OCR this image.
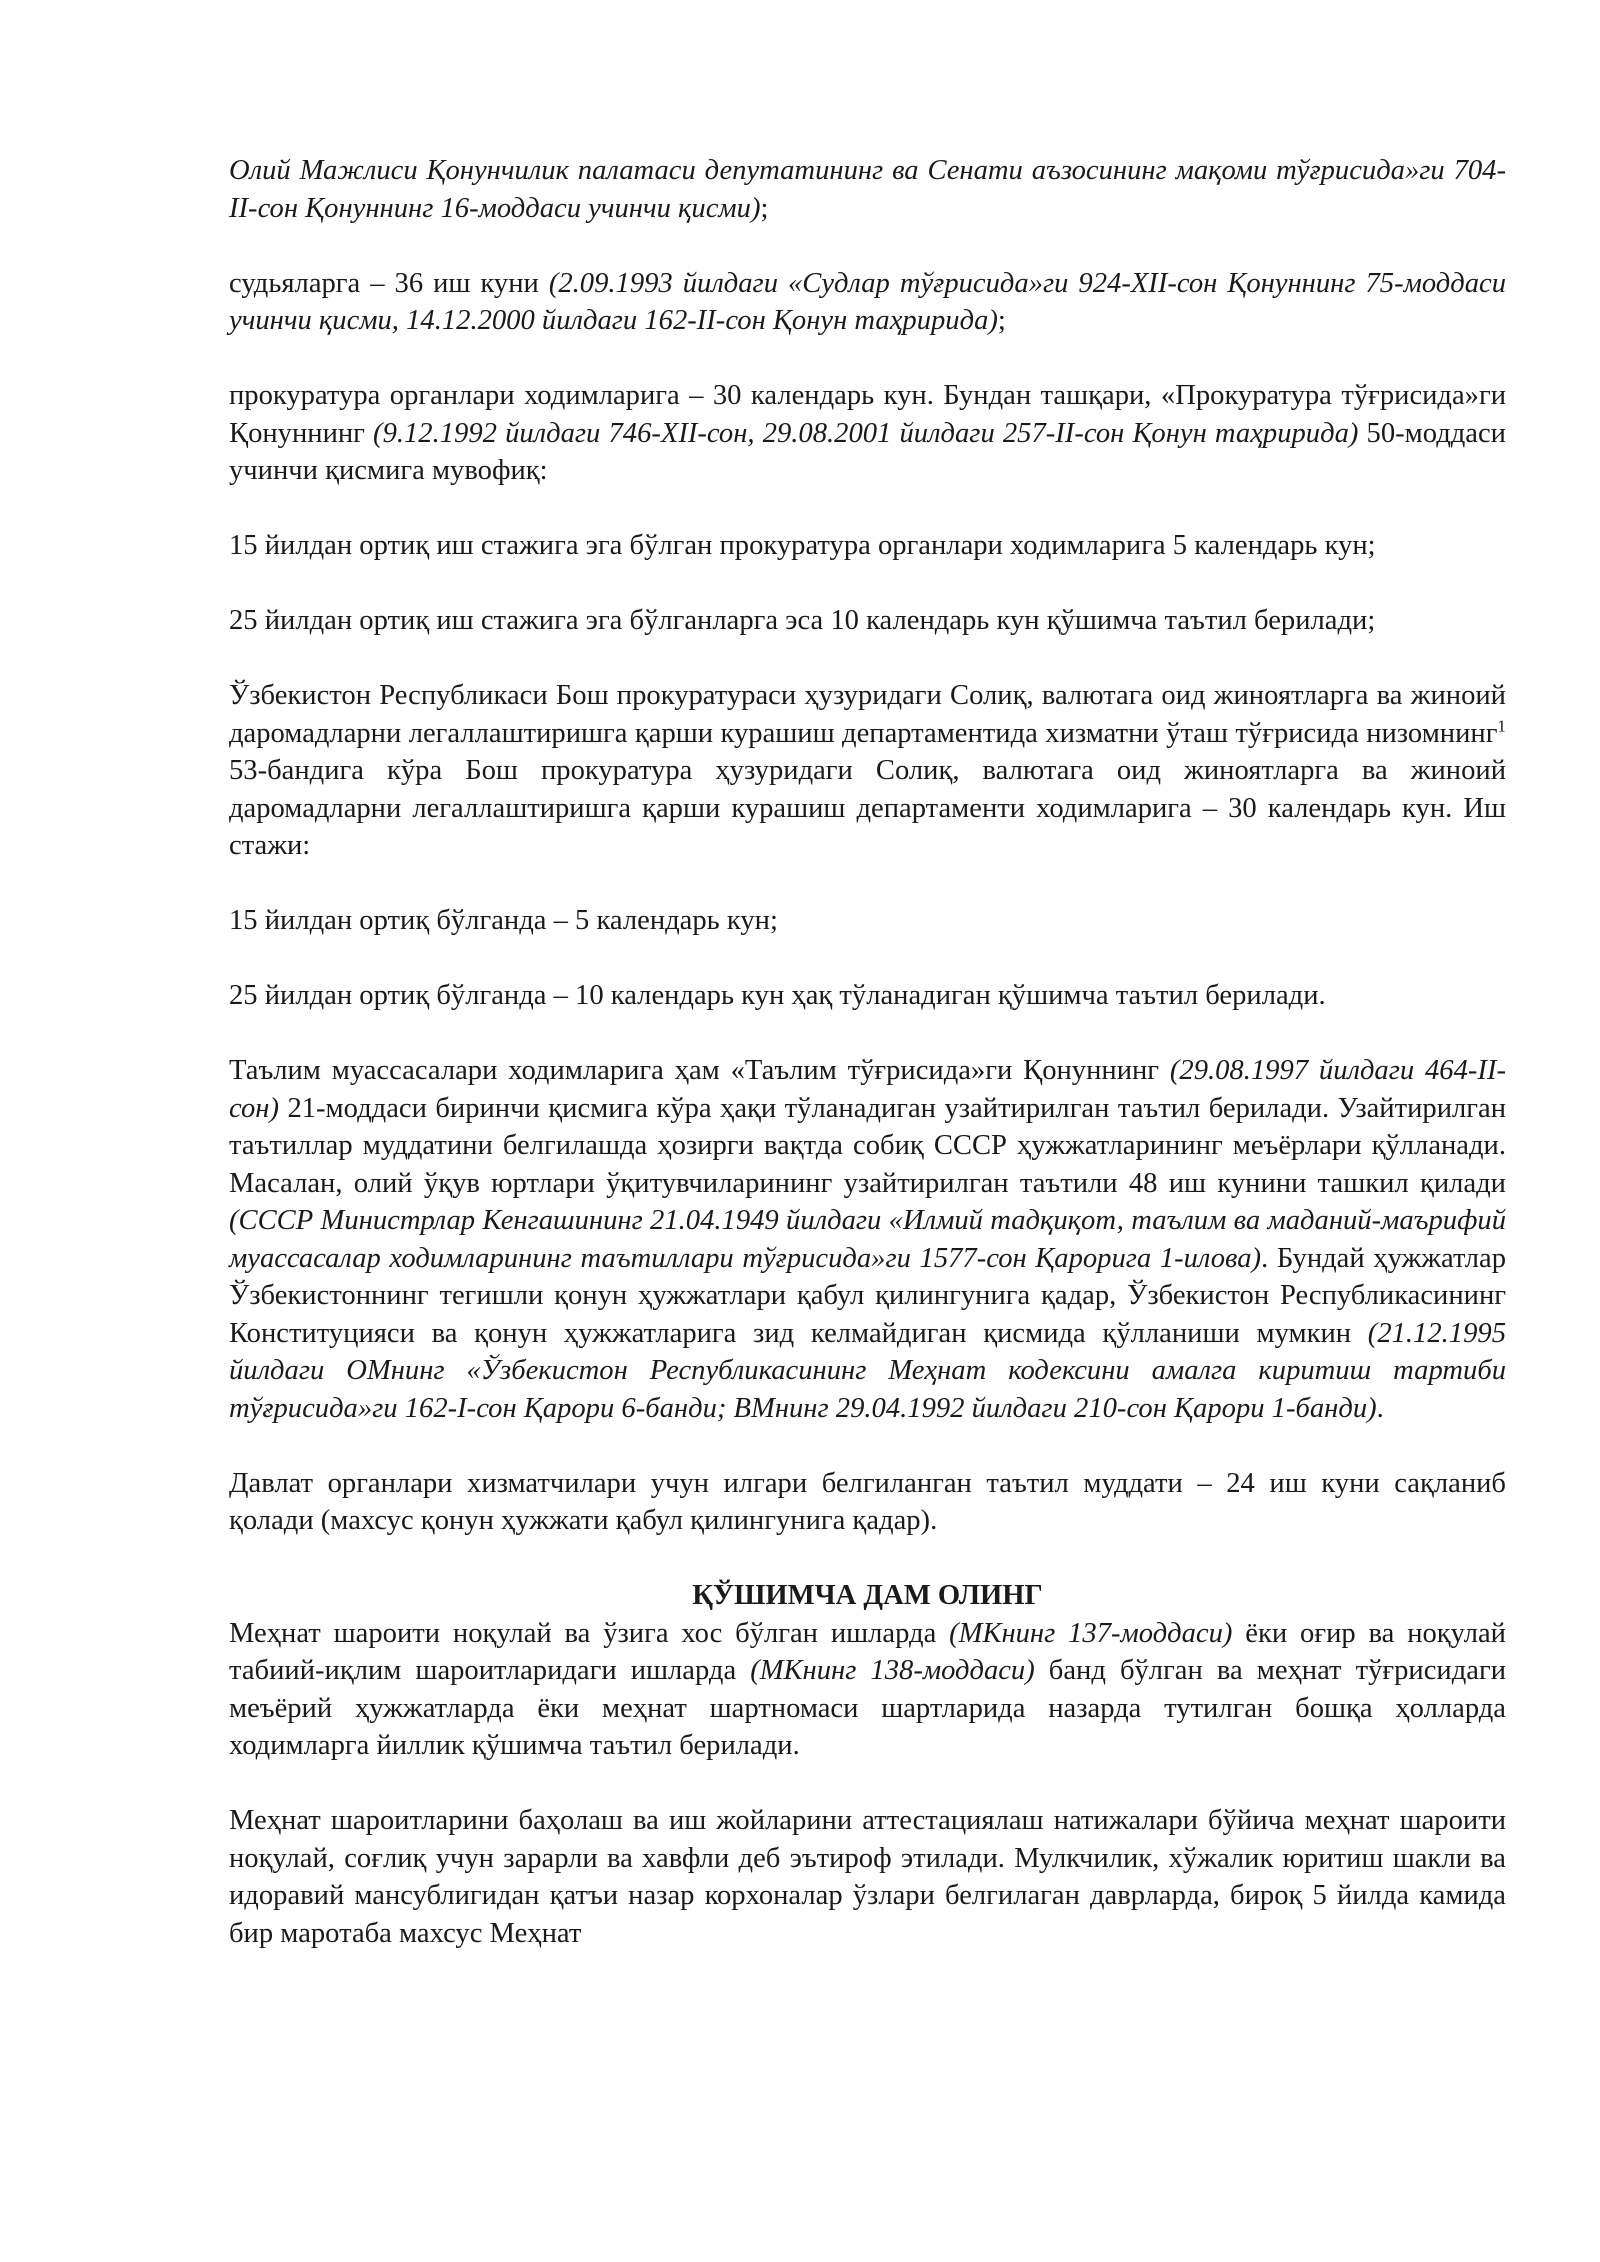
Олий Мажлиси Қонунчилик палатаси депутатининг ва Сенати аъзосининг мақоми тўғрисида»ги 704-II-сон Қонуннинг 16-моддаси учинчи қисми);

судьяларга – 36 иш куни (2.09.1993 йилдаги «Судлар тўғрисида»ги 924-XII-сон Қонуннинг 75-моддаси учинчи қисми, 14.12.2000 йилдаги 162-II-сон Қонун таҳририда);

прокуратура органлари ходимларига – 30 календарь кун. Бундан ташқари, «Прокуратура тўғрисида»ги Қонуннинг (9.12.1992 йилдаги 746-XII-сон, 29.08.2001 йилдаги 257-II-сон Қонун таҳририда) 50-моддаси учинчи қисмига мувофиқ:

15 йилдан ортиқ иш стажига эга бўлган прокуратура органлари ходимларига 5 календарь кун;

25 йилдан ортиқ иш стажига эга бўлганларга эса 10 календарь кун қўшимча таътил берилади;

Ўзбекистон Республикаси Бош прокуратураси ҳузуридаги Солиқ, валютага оид жиноятларга ва жиноий даромадларни легаллаштиришга қарши курашиш департаментида хизматни ўташ тўғрисида низомнинг$^1$ 53-бандига кўра Бош прокуратура ҳузуридаги Солиқ, валютага оид жиноятларга ва жиноий даромадларни легаллаштиришга қарши курашиш департаменти ходимларига – 30 календарь кун. Иш стажи:

15 йилдан ортиқ бўлганда – 5 календарь кун;

25 йилдан ортиқ бўлганда – 10 календарь кун ҳақ тўланадиган қўшимча таътил берилади.

Таълим муассасалари ходимларига ҳам «Таълим тўғрисида»ги Қонуннинг (29.08.1997 йилдаги 464-II-сон) 21-моддаси биринчи қисмига кўра ҳақи тўланадиган узайтирилган таътил берилади. Узайтирилган таътиллар муддатини белгилашда ҳозирги вақтда собиқ СССР ҳужжатларининг меъёрлари қўлланади. Масалан, олий ўқув юртлари ўқитувчиларининг узайтирилган таътили 48 иш кунини ташкил қилади (СССР Министрлар Кенгашининг 21.04.1949 йилдаги «Илмий тадқиқот, таълим ва маданий-маърифий муассасалар ходимларининг таътиллари тўғрисида»ги 1577-сон Қарорига 1-илова). Бундай ҳужжатлар Ўзбекистоннинг тегишли қонун ҳужжатлари қабул қилингунига қадар, Ўзбекистон Республикасининг Конституцияси ва қонун ҳужжатларига зид келмайдиган қисмида қўлланиши мумкин (21.12.1995 йилдаги ОМнинг «Ўзбекистон Республикасининг Меҳнат кодексини амалга киритиш тартиби тўғрисида»ги 162-I-сон Қарори 6-банди; ВМнинг 29.04.1992 йилдаги 210-сон Қарори 1-банди).

Давлат органлари хизматчилари учун илгари белгиланган таътил муддати – 24 иш куни сақланиб қолади (махсус қонун ҳужжати қабул қилингунига қадар).

ҚЎШИМЧА ДАМ ОЛИНГ

Меҳнат шароити ноқулай ва ўзига хос бўлган ишларда (МКнинг 137-моддаси) ёки оғир ва ноқулай табиий-иқлим шароитларидаги ишларда (МКнинг 138-моддаси) банд бўлган ва меҳнат тўғрисидаги меъёрий ҳужжатларда ёки меҳнат шартномаси шартларида назарда тутилган бошқа ҳолларда ходимларга йиллик қўшимча таътил берилади.

Меҳнат шароитларини баҳолаш ва иш жойларини аттестациялаш натижалари бўйича меҳнат шароити ноқулай, соғлиқ учун зарарли ва хавфли деб эътироф этилади. Мулкчилик, хўжалик юритиш шакли ва идоравий мансублигидан қатъи назар корхоналар ўзлари белгилаган даврларда, бироқ 5 йилда камида бир маротаба махсус Меҳнат
